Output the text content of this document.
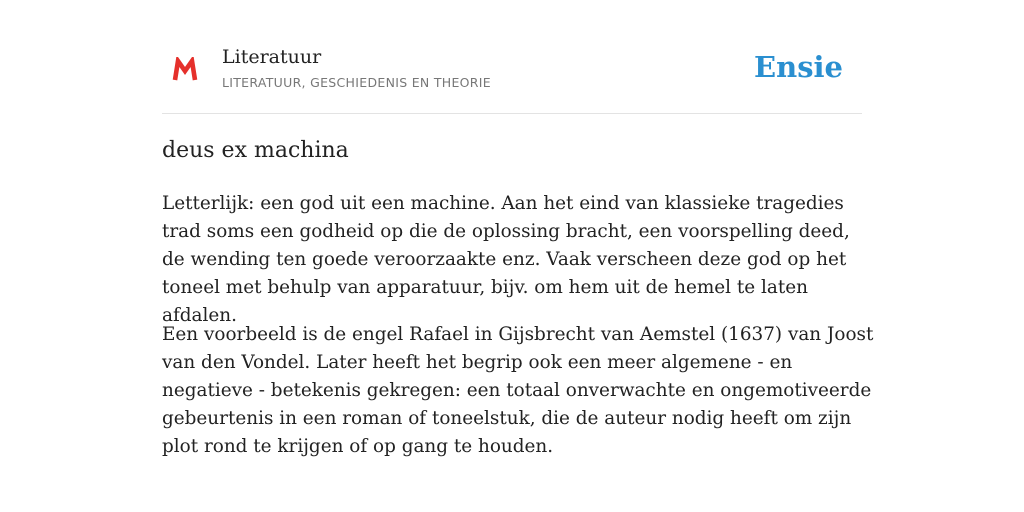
Literatuur
LITERATUUR, GESCHIEDENIS EN THEORIE	Ensie
deus ex machina

Letterlijk: een god uit een machine. Aan het eind van klassieke tragedies trad soms een godheid op die de oplossing bracht, een voorspelling deed, de wending ten goede veroorzaakte enz. Vaak verscheen deze god op het toneel met behulp van apparatuur, bijv. om hem uit de hemel te laten afdalen.

Een voorbeeld is de engel Rafael in Gijsbrecht van Aemstel (1637) van Joost van den Vondel. Later heeft het begrip ook een meer algemene - en negatieve - betekenis gekregen: een totaal onverwachte en ongemotiveerde gebeurtenis in een roman of toneelstuk, die de auteur nodig heeft om zijn plot rond te krijgen of op gang te houden.
